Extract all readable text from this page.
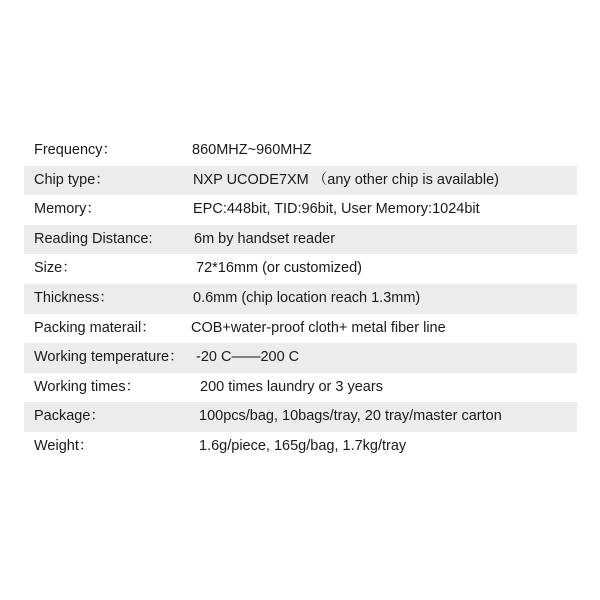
Frequency：	860MHZ~960MHZ
Chip type：	NXP UCODE7XM （any other chip is available)
Memory：	EPC:448bit, TID:96bit, User Memory:1024bit
Reading Distance:	6m by handset reader
Size：	72*16mm (or customized)
Thickness：	0.6mm (chip location reach 1.3mm)
Packing materail： COB+water-proof cloth+ metal fiber line
Working temperature： -20 C——200 C
Working times：	200 times laundry or 3 years
Package：	100pcs/bag, 10bags/tray, 20 tray/master carton
Weight：	1.6g/piece, 165g/bag, 1.7kg/tray
